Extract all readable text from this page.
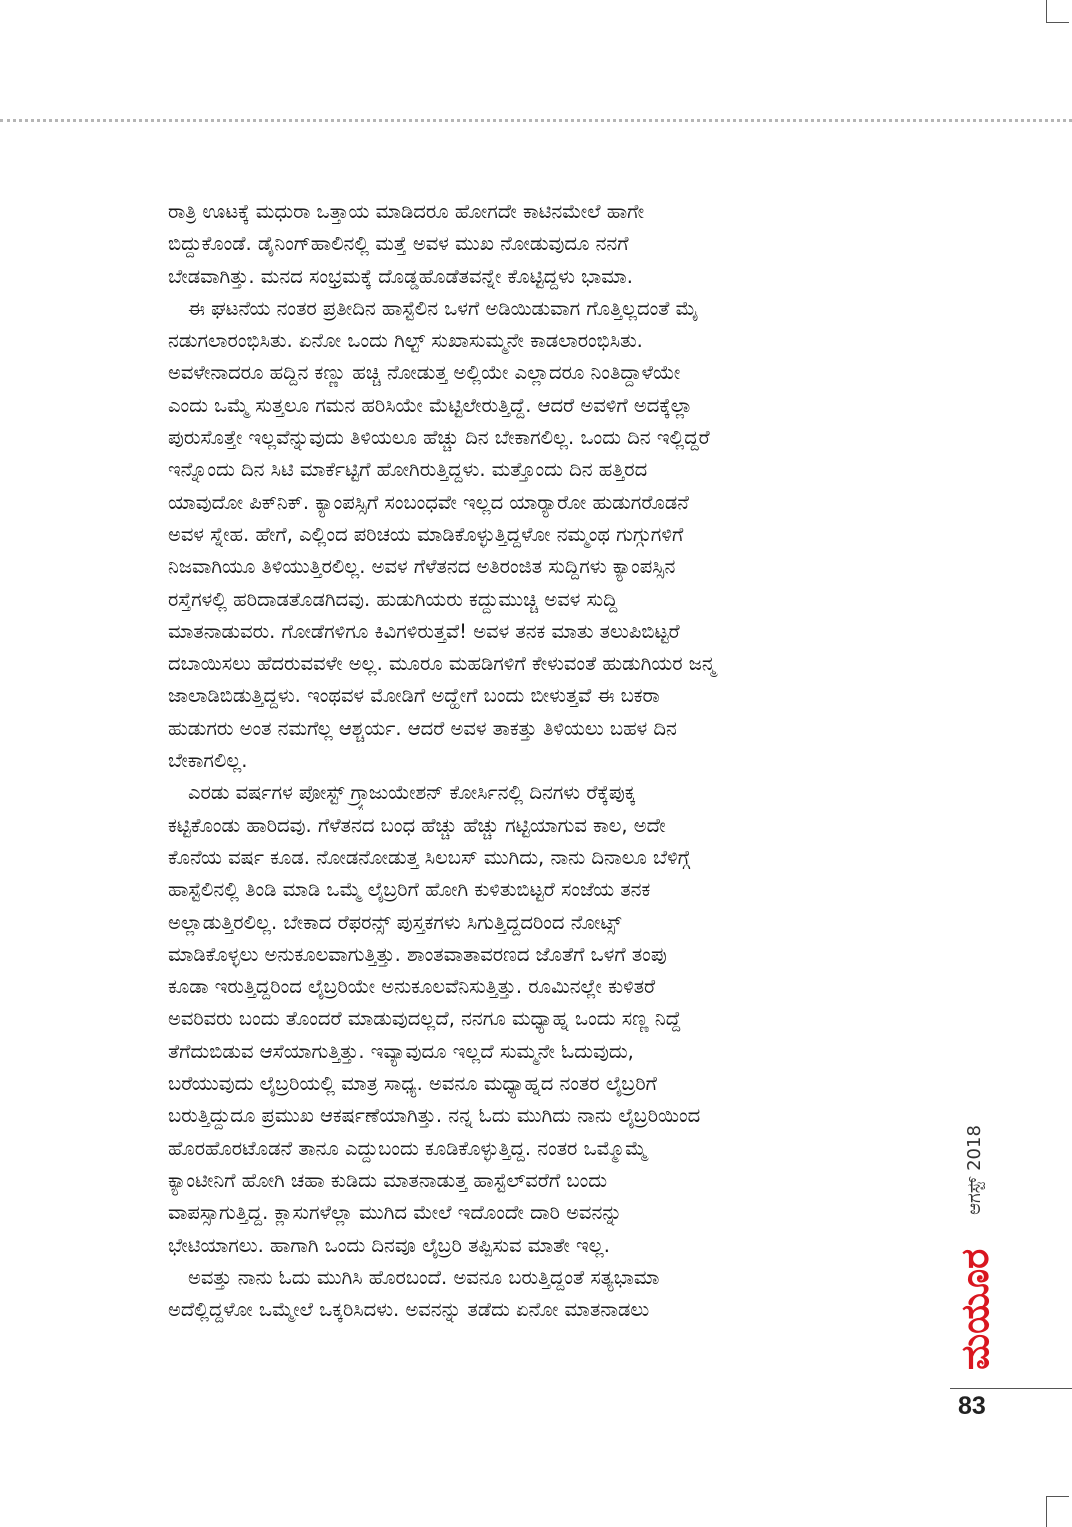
ರಾತ್ರಿ ಊಟಕ್ಕೆ ಮಧುರಾ ಒತ್ತಾಯ ಮಾಡಿದರೂ ಹೋಗದೇ ಕಾಟಿನಮೇಲೆ ಹಾಗೇ
ಬಿದ್ದುಕೊಂಡೆ. ಡೈನಿಂಗ್‌ಹಾಲಿನಲ್ಲಿ ಮತ್ತೆ ಅವಳ ಮುಖ ನೋಡುವುದೂ ನನಗೆ
ಬೇಡವಾಗಿತ್ತು. ಮನದ ಸಂಭ್ರಮಕ್ಕೆ ದೊಡ್ಡಹೊಡೆತವನ್ನೇ ಕೊಟ್ಟಿದ್ದಳು ಭಾಮಾ.
ಈ ಘಟನೆಯ ನಂತರ ಪ್ರತೀದಿನ ಹಾಸ್ಟೆಲಿನ ಒಳಗೆ ಅಡಿಯಿಡುವಾಗ ಗೊತ್ತಿಲ್ಲದಂತೆ ಮೈ
ನಡುಗಲಾರಂಭಿಸಿತು. ಏನೋ ಒಂದು ಗಿಲ್ಟ್ ಸುಖಾಸುಮ್ಮನೇ ಕಾಡಲಾರಂಭಿಸಿತು.
ಅವಳೇನಾದರೂ ಹದ್ದಿನ ಕಣ್ಣು ಹಚ್ಚಿ ನೋಡುತ್ತ ಅಲ್ಲಿಯೇ ಎಲ್ಲಾದರೂ ನಿಂತಿದ್ದಾಳೆಯೇ
ಎಂದು ಒಮ್ಮೆ ಸುತ್ತಲೂ ಗಮನ ಹರಿಸಿಯೇ ಮೆಟ್ಟಿಲೇರುತ್ತಿದ್ದೆ. ಆದರೆ ಅವಳಿಗೆ ಅದಕ್ಕೆಲ್ಲಾ
ಪುರುಸೊತ್ತೇ ಇಲ್ಲವೆನ್ನುವುದು ತಿಳಿಯಲೂ ಹೆಚ್ಚು ದಿನ ಬೇಕಾಗಲಿಲ್ಲ. ಒಂದು ದಿನ ಇಲ್ಲಿದ್ದರೆ
ಇನ್ನೊಂದು ದಿನ ಸಿಟಿ ಮಾರ್ಕೆಟ್ಟಿಗೆ ಹೋಗಿರುತ್ತಿದ್ದಳು. ಮತ್ತೊಂದು ದಿನ ಹತ್ತಿರದ
ಯಾವುದೋ ಪಿಕ್‌ನಿಕ್. ಕ್ಯಾಂಪಸ್ಸಿಗೆ ಸಂಬಂಧವೇ ಇಲ್ಲದ ಯಾರ್‍ಯಾರೋ ಹುಡುಗರೊಡನೆ
ಅವಳ ಸ್ನೇಹ. ಹೇಗೆ, ಎಲ್ಲಿಂದ ಪರಿಚಯ ಮಾಡಿಕೊಳ್ಳುತ್ತಿದ್ದಳೋ ನಮ್ಮಂಥ ಗುಗ್ಗುಗಳಿಗೆ
ನಿಜವಾಗಿಯೂ ತಿಳಿಯುತ್ತಿರಲಿಲ್ಲ. ಅವಳ ಗೆಳೆತನದ ಅತಿರಂಜಿತ ಸುದ್ದಿಗಳು ಕ್ಯಾಂಪಸ್ಸಿನ
ರಸ್ತೆಗಳಲ್ಲಿ ಹರಿದಾಡತೊಡಗಿದವು. ಹುಡುಗಿಯರು ಕದ್ದುಮುಚ್ಚಿ ಅವಳ ಸುದ್ದಿ
ಮಾತನಾಡುವರು. ಗೋಡೆಗಳಿಗೂ ಕಿವಿಗಳಿರುತ್ತವೆ! ಅವಳ ತನಕ ಮಾತು ತಲುಪಿಬಿಟ್ಟರೆ
ದಬಾಯಿಸಲು ಹೆದರುವವಳೇ ಅಲ್ಲ. ಮೂರೂ ಮಹಡಿಗಳಿಗೆ ಕೇಳುವಂತೆ ಹುಡುಗಿಯರ ಜನ್ಮ
ಜಾಲಾಡಿಬಿಡುತ್ತಿದ್ದಳು. ಇಂಥವಳ ಮೋಡಿಗೆ ಅದ್ಹೇಗೆ ಬಂದು ಬೀಳುತ್ತವೆ ಈ ಬಕರಾ
ಹುಡುಗರು ಅಂತ ನಮಗೆಲ್ಲ ಆಶ್ಚರ್ಯ. ಆದರೆ ಅವಳ ತಾಕತ್ತು ತಿಳಿಯಲು ಬಹಳ ದಿನ
ಬೇಕಾಗಲಿಲ್ಲ.
ಎರಡು ವರ್ಷಗಳ ಪೋಸ್ಟ್ ಗ್ರ್ಯಾಜುಯೇಶನ್ ಕೋರ್ಸಿನಲ್ಲಿ ದಿನಗಳು ರೆಕ್ಕೆಪುಕ್ಕ
ಕಟ್ಟಿಕೊಂಡು ಹಾರಿದವು. ಗೆಳೆತನದ ಬಂಧ ಹೆಚ್ಚು ಹೆಚ್ಚು ಗಟ್ಟಿಯಾಗುವ ಕಾಲ, ಅದೇ
ಕೊನೆಯ ವರ್ಷ ಕೂಡ. ನೋಡನೋಡುತ್ತ ಸಿಲಬಸ್ ಮುಗಿದು, ನಾನು ದಿನಾಲೂ ಬೆಳಿಗ್ಗೆ
ಹಾಸ್ಟೆಲಿನಲ್ಲಿ ತಿಂಡಿ ಮಾಡಿ ಒಮ್ಮೆ ಲೈಬ್ರರಿಗೆ ಹೋಗಿ ಕುಳಿತುಬಿಟ್ಟರೆ ಸಂಜೆಯ ತನಕ
ಅಲ್ಲಾಡುತ್ತಿರಲಿಲ್ಲ. ಬೇಕಾದ ರೆಫರನ್ಸ್ ಪುಸ್ತಕಗಳು ಸಿಗುತ್ತಿದ್ದದರಿಂದ ನೋಟ್ಸ್
ಮಾಡಿಕೊಳ್ಳಲು ಅನುಕೂಲವಾಗುತ್ತಿತ್ತು. ಶಾಂತವಾತಾವರಣದ ಜೊತೆಗೆ ಒಳಗೆ ತಂಪು
ಕೂಡಾ ಇರುತ್ತಿದ್ದರಿಂದ ಲೈಬ್ರರಿಯೇ ಅನುಕೂಲವೆನಿಸುತ್ತಿತ್ತು. ರೂಮಿನಲ್ಲೇ ಕುಳಿತರೆ
ಅವರಿವರು ಬಂದು ತೊಂದರೆ ಮಾಡುವುದಲ್ಲದೆ, ನನಗೂ ಮಧ್ಯಾಹ್ನ ಒಂದು ಸಣ್ಣ ನಿದ್ದೆ
ತೆಗೆದುಬಿಡುವ ಆಸೆಯಾಗುತ್ತಿತ್ತು. ಇವ್ಯಾವುದೂ ಇಲ್ಲದೆ ಸುಮ್ಮನೇ ಓದುವುದು,
ಬರೆಯುವುದು ಲೈಬ್ರರಿಯಲ್ಲಿ ಮಾತ್ರ ಸಾಧ್ಯ. ಅವನೂ ಮಧ್ಯಾಹ್ನದ ನಂತರ ಲೈಬ್ರರಿಗೆ
ಬರುತ್ತಿದ್ದುದೂ ಪ್ರಮುಖ ಆಕರ್ಷಣೆಯಾಗಿತ್ತು. ನನ್ನ ಓದು ಮುಗಿದು ನಾನು ಲೈಬ್ರರಿಯಿಂದ
ಹೊರಹೊರಟೊಡನೆ ತಾನೂ ಎದ್ದುಬಂದು ಕೂಡಿಕೊಳ್ಳುತ್ತಿದ್ದ. ನಂತರ ಒಮ್ಮೊಮ್ಮೆ
ಕ್ಯಾಂಟೀನಿಗೆ ಹೋಗಿ ಚಹಾ ಕುಡಿದು ಮಾತನಾಡುತ್ತ ಹಾಸ್ಟೆಲ್‌ವರೆಗೆ ಬಂದು
ವಾಪಸ್ಸಾಗುತ್ತಿದ್ದ. ಕ್ಲಾಸುಗಳೆಲ್ಲಾ ಮುಗಿದ ಮೇಲೆ ಇದೊಂದೇ ದಾರಿ ಅವನನ್ನು
ಭೇಟಿಯಾಗಲು. ಹಾಗಾಗಿ ಒಂದು ದಿನವೂ ಲೈಬ್ರರಿ ತಪ್ಪಿಸುವ ಮಾತೇ ಇಲ್ಲ.
ಅವತ್ತು ನಾನು ಓದು ಮುಗಿಸಿ ಹೊರಬಂದೆ. ಅವನೂ ಬರುತ್ತಿದ್ದಂತೆ ಸತ್ಯಭಾಮಾ
ಅದೆಲ್ಲಿದ್ದಳೋ ಒಮ್ಮೇಲೆ ಒಕ್ಕರಿಸಿದಳು. ಅವನನ್ನು ತಡೆದು ಏನೋ ಮಾತನಾಡಲು
ಆಗಸ್ಟ್ 2018
ಮಯೂರ
83
